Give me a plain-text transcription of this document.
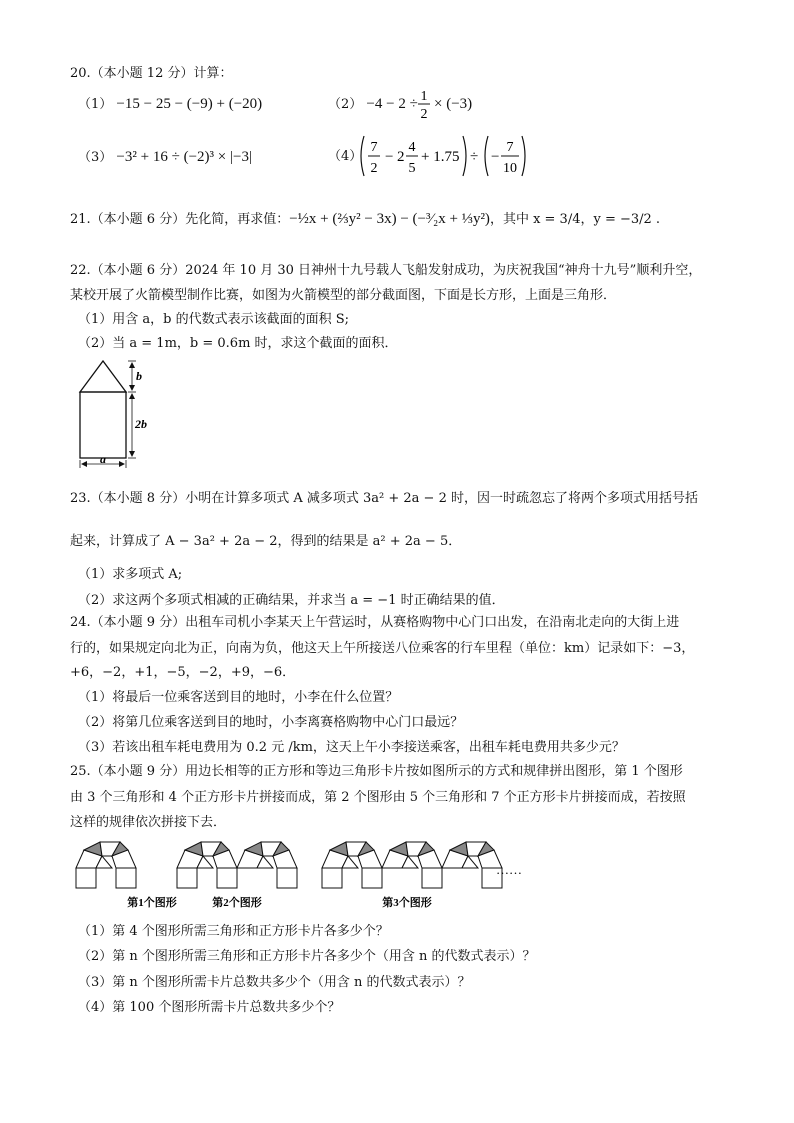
20.（本小题 12 分）计算：
（1） −15 − 25 − (−9) + (−20)	（2） −4 − 2 ÷ 1
2
× (−3)
（3） −3² + 16 ÷ (−2)³ × |−3|	（4）
7
2
− 2
4
5
+ 1.75 ÷ −
7
10
21.（本小题 6 分）先化简，再求值：−½x + (⅔y² − 3x) − (−³⁄₂x + ⅓y²)，其中 x = 3/4，y = −3/2 .
22.（本小题 6 分）2024 年 10 月 30 日神州十九号载人飞船发射成功，为庆祝我国“神舟十九号”顺利升空，
某校开展了火箭模型制作比赛，如图为火箭模型的部分截面图，下面是长方形，上面是三角形．
（1）用含 a，b 的代数式表示该截面的面积 S;
（2）当 a = 1m，b = 0.6m 时，求这个截面的面积．
b
2b
a
23.（本小题 8 分）小明在计算多项式 A 减多项式 3a² + 2a − 2 时，因一时疏忽忘了将两个多项式用括号括
起来，计算成了 A − 3a² + 2a − 2，得到的结果是 a² + 2a − 5．
（1）求多项式 A;
（2）求这两个多项式相减的正确结果，并求当 a = −1 时正确结果的值．
24.（本小题 9 分）出租车司机小李某天上午营运时，从赛格购物中心门口出发，在沿南北走向的大街上进
行的，如果规定向北为正，向南为负，他这天上午所接送八位乘客的行车里程（单位：km）记录如下：−3，
+6，−2，+1，−5，−2，+9，−6．
（1）将最后一位乘客送到目的地时，小李在什么位置？
（2）将第几位乘客送到目的地时，小李离赛格购物中心门口最远？
（3）若该出租车耗电费用为 0.2 元 /km，这天上午小李接送乘客，出租车耗电费用共多少元？
25.（本小题 9 分）用边长相等的正方形和等边三角形卡片按如图所示的方式和规律拼出图形，第 1 个图形
由 3 个三角形和 4 个正方形卡片拼接而成，第 2 个图形由 5 个三角形和 7 个正方形卡片拼接而成，若按照
这样的规律依次拼接下去．
第1个图形	第2个图形	第3个图形
……
（1）第 4 个图形所需三角形和正方形卡片各多少个？
（2）第 n 个图形所需三角形和正方形卡片各多少个（用含 n 的代数式表示）？
（3）第 n 个图形所需卡片总数共多少个（用含 n 的代数式表示）？
（4）第 100 个图形所需卡片总数共多少个？
